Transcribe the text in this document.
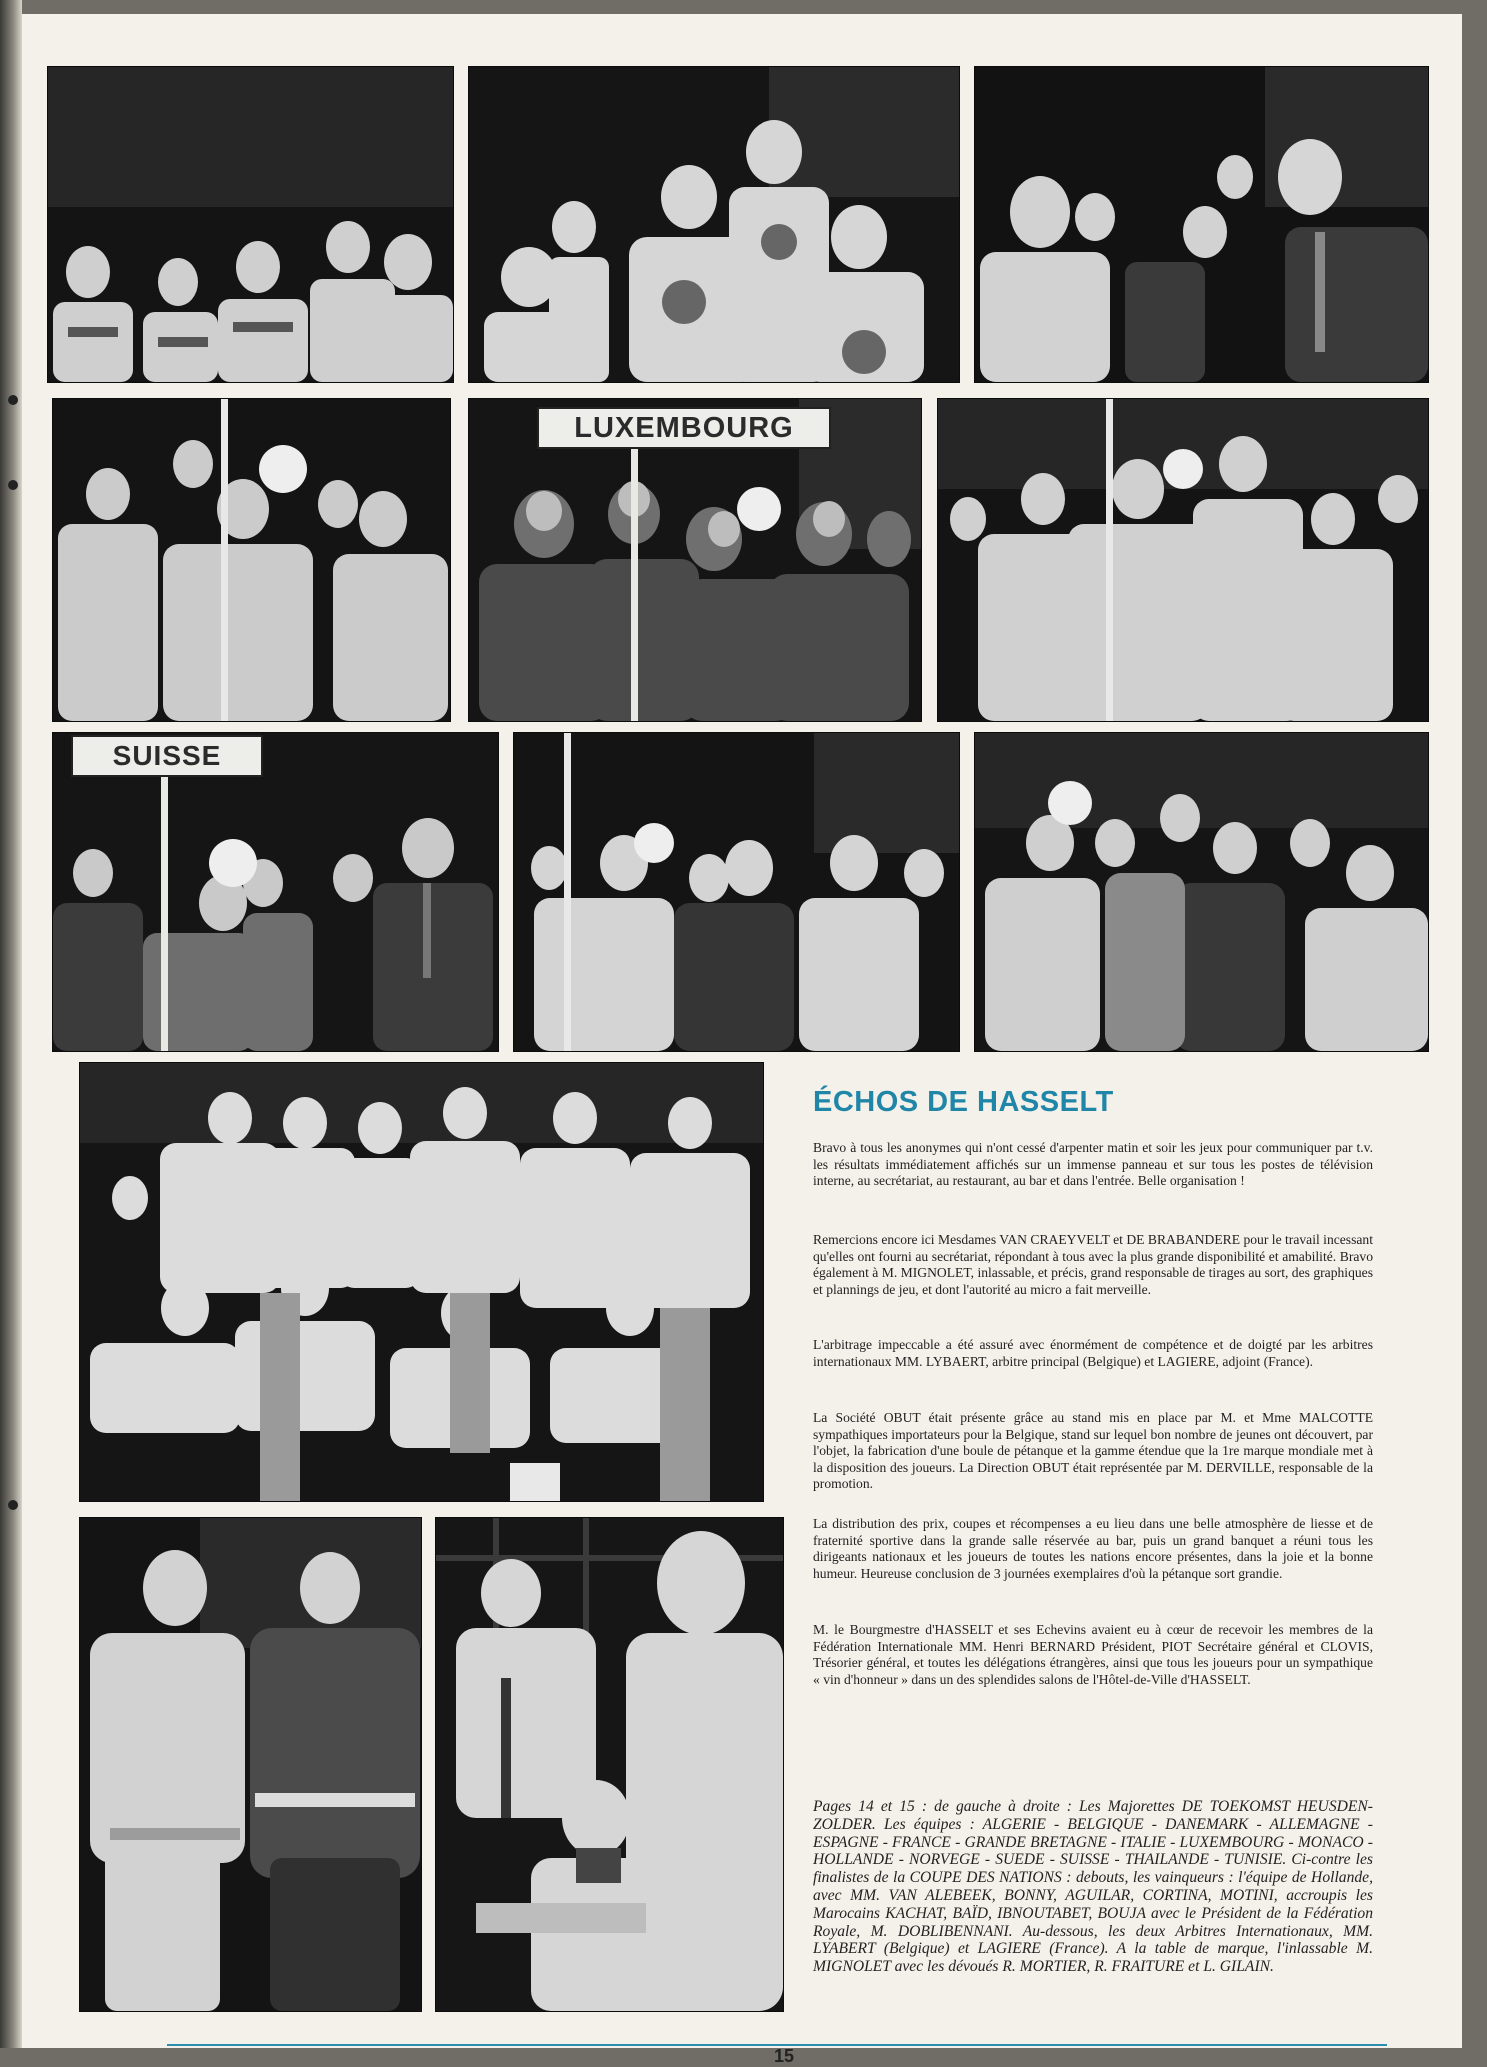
LUXEMBOURG
SUISSE
ÉCHOS DE HASSELT
Bravo à tous les anonymes qui n'ont cessé d'arpenter matin et soir les jeux pour communiquer par t.v. les résultats immédiatement affichés sur un immense panneau et sur tous les postes de télévision interne, au secrétariat, au restaurant, au bar et dans l'entrée. Belle organisation !
Remercions encore ici Mesdames VAN CRAEYVELT et DE BRABANDERE pour le travail incessant qu'elles ont fourni au secrétariat, répondant à tous avec la plus grande disponibilité et amabilité. Bravo également à M. MIGNOLET, inlassable, et précis, grand responsable de tirages au sort, des graphiques et plannings de jeu, et dont l'autorité au micro a fait merveille.
L'arbitrage impeccable a été assuré avec énormément de compétence et de doigté par les arbitres internationaux MM. LYBAERT, arbitre principal (Belgique) et LAGIERE, adjoint (France).
La Société OBUT était présente grâce au stand mis en place par M. et Mme MALCOTTE sympathiques importateurs pour la Belgique, stand sur lequel bon nombre de jeunes ont découvert, par l'objet, la fabrication d'une boule de pétanque et la gamme étendue que la 1re marque mondiale met à la disposition des joueurs. La Direction OBUT était représentée par M. DERVILLE, responsable de la promotion.
La distribution des prix, coupes et récompenses a eu lieu dans une belle atmosphère de liesse et de fraternité sportive dans la grande salle réservée au bar, puis un grand banquet a réuni tous les dirigeants nationaux et les joueurs de toutes les nations encore présentes, dans la joie et la bonne humeur. Heureuse conclusion de 3 journées exemplaires d'où la pétanque sort grandie.
M. le Bourgmestre d'HASSELT et ses Echevins avaient eu à cœur de recevoir les membres de la Fédération Internationale MM. Henri BERNARD Président, PIOT Secrétaire général et CLOVIS, Trésorier général, et toutes les délégations étrangères, ainsi que tous les joueurs pour un sympathique « vin d'honneur » dans un des splendides salons de l'Hôtel-de-Ville d'HASSELT.
Pages 14 et 15 : de gauche à droite : Les Majorettes DE TOEKOMST HEUSDEN-ZOLDER. Les équipes : ALGERIE - BELGIQUE - DANEMARK - ALLEMAGNE - ESPAGNE - FRANCE - GRANDE BRETAGNE - ITALIE - LUXEMBOURG - MONACO - HOLLANDE - NORVEGE - SUEDE - SUISSE - THAILANDE - TUNISIE. Ci-contre les finalistes de la COUPE DES NATIONS : debouts, les vainqueurs : l'équipe de Hollande, avec MM. VAN ALEBEEK, BONNY, AGUILAR, CORTINA, MOTINI, accroupis les Marocains KACHAT, BAÏD, IBNOUTABET, BOUJA avec le Président de la Fédération Royale, M. DOBLIBENNANI. Au-dessous, les deux Arbitres Internationaux, MM. LYABERT (Belgique) et LAGIERE (France). A la table de marque, l'inlassable M. MIGNOLET avec les dévoués R. MORTIER, R. FRAITURE et L. GILAIN.
15
